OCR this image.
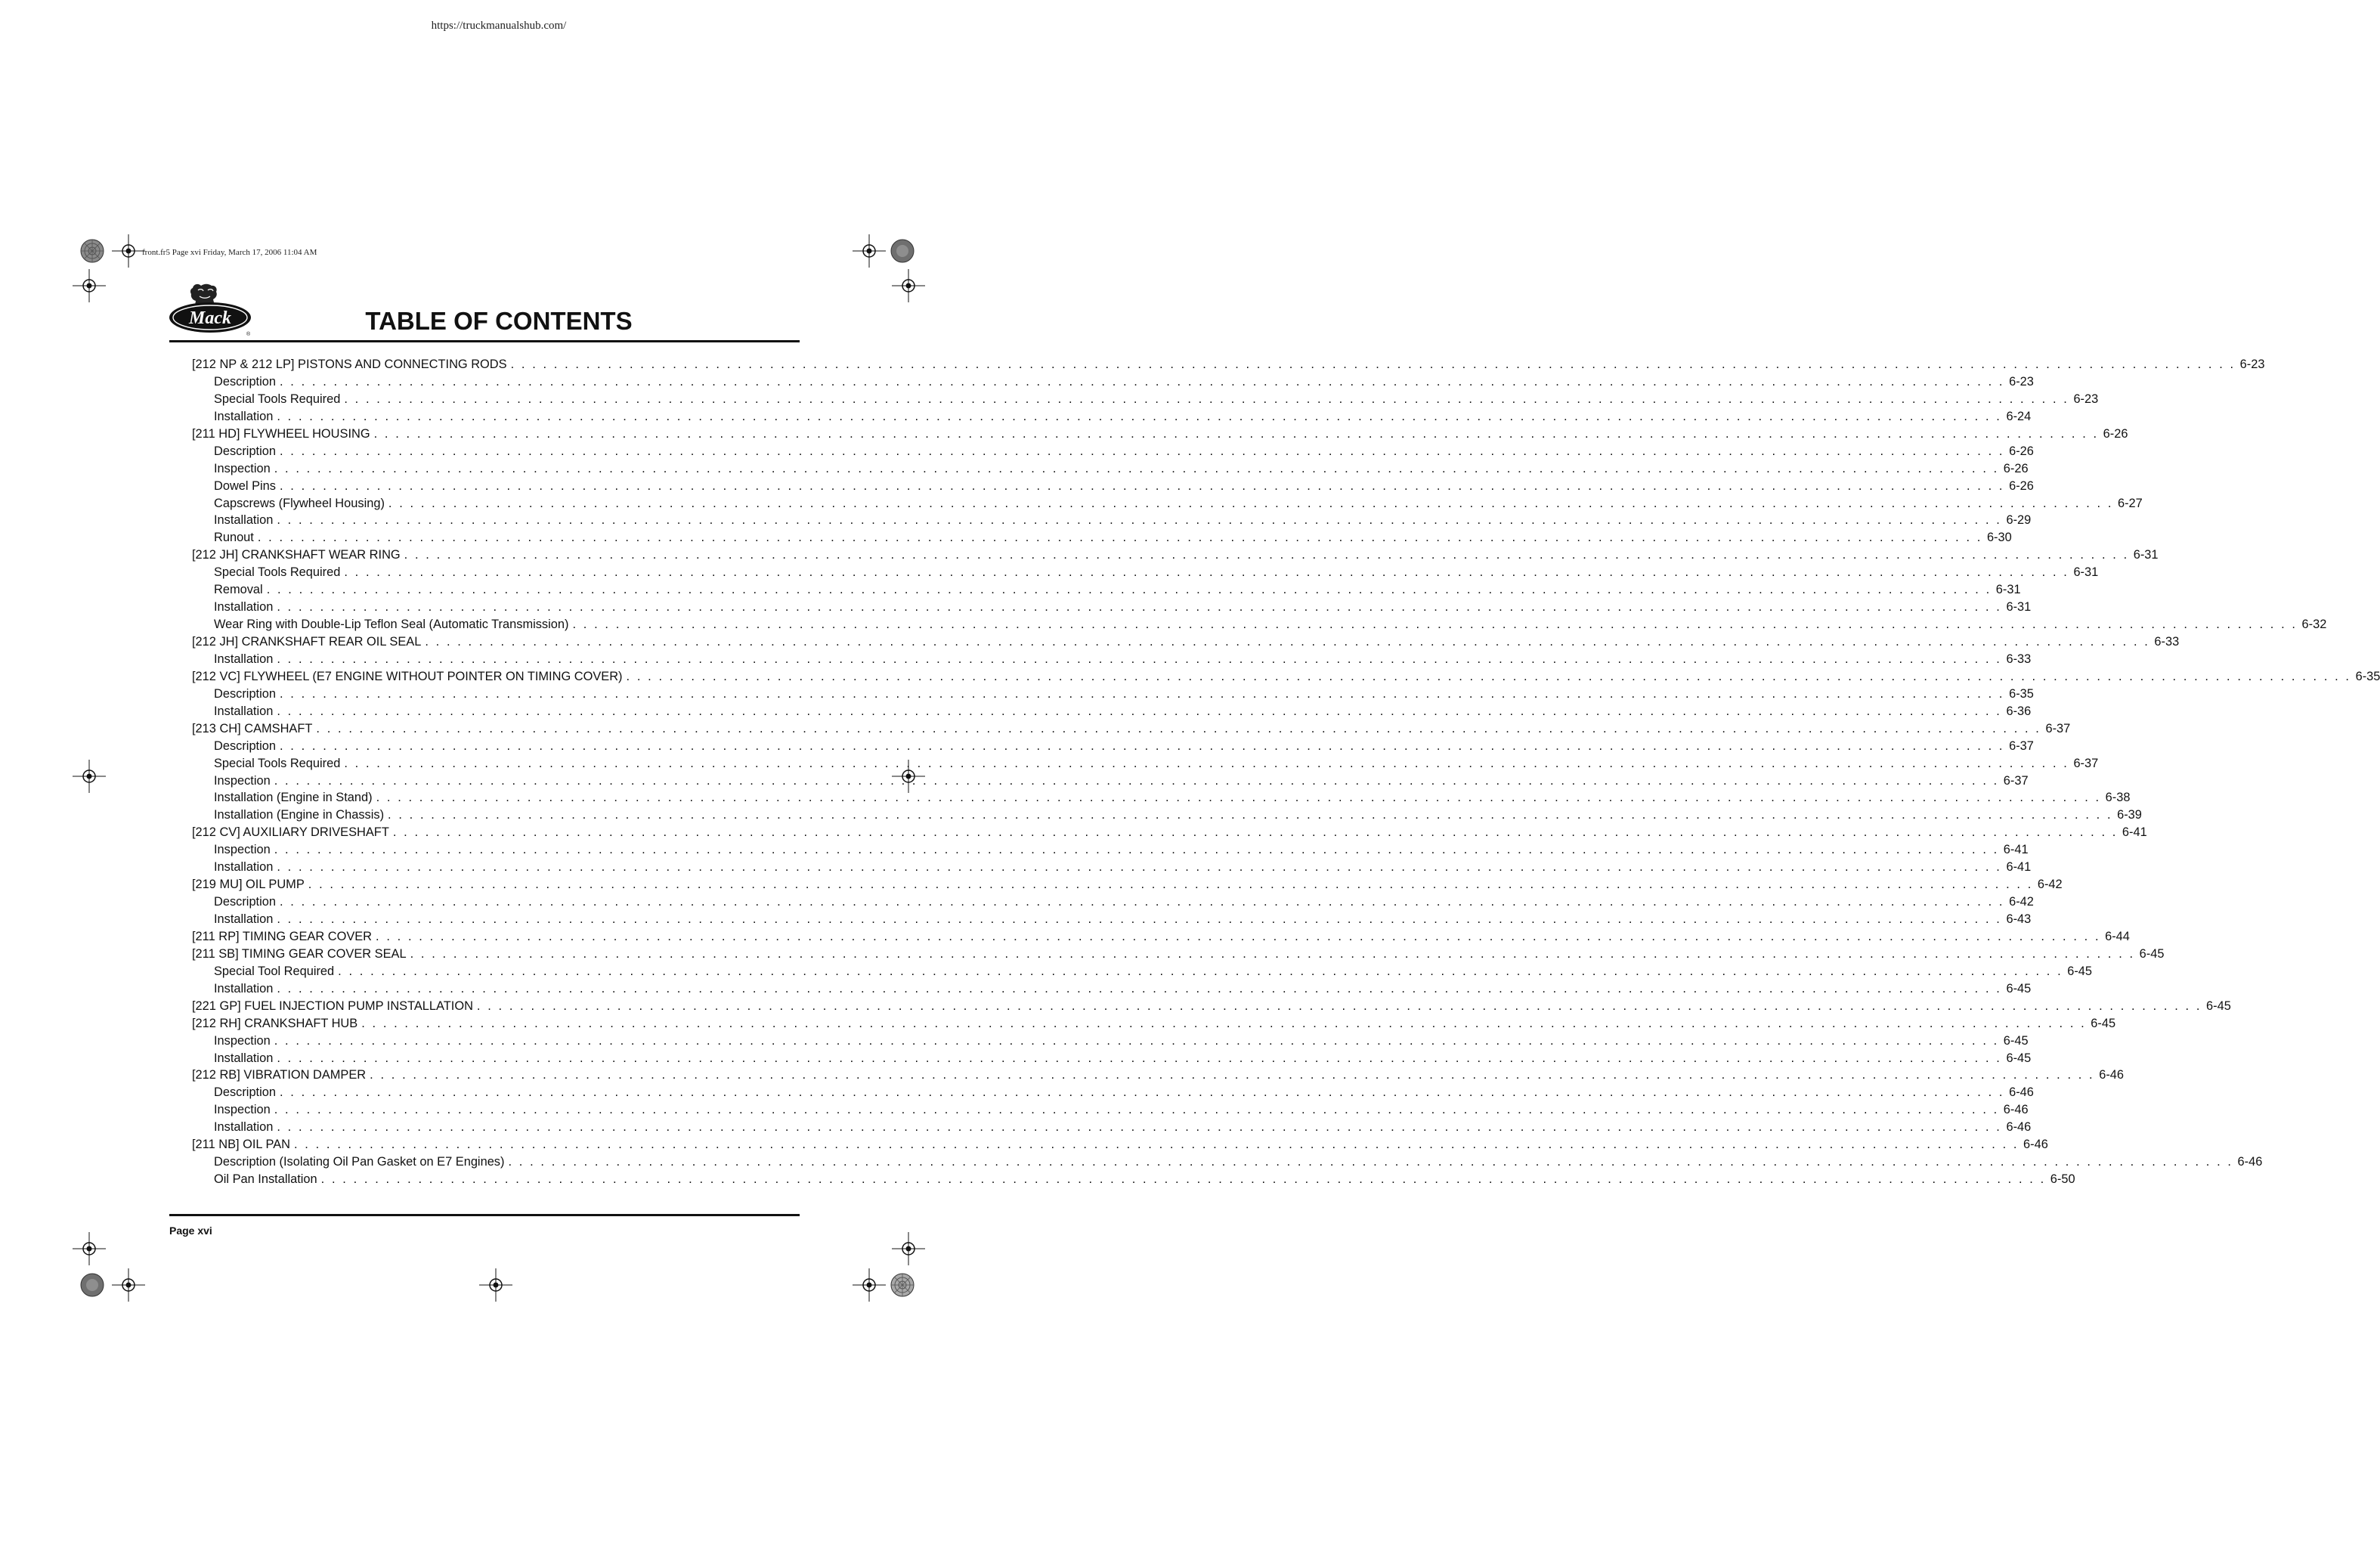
https://truckmanualshub.com/
front.fr5 Page xvi Friday, March 17, 2006 11:04 AM
Mack
®	TABLE OF CONTENTS
[212 NP & 212 LP] PISTONS AND CONNECTING RODS . . . . . . . . . . . . . . . . . . . . . . . . . . . . . . . . . . . . . . . . . . . . . . . . . . . . . . . . . . . . . . . . . . . . . . . . . . . . . . . . . . . . . . . . . . . . . . . . . . . . . . . . . . . . . . . . . . . . . . . . . . . . . . . . . . . . . . . . . . . . . . . . . . . . . . . . . . . . . . . . 6-23
Description . . . . . . . . . . . . . . . . . . . . . . . . . . . . . . . . . . . . . . . . . . . . . . . . . . . . . . . . . . . . . . . . . . . . . . . . . . . . . . . . . . . . . . . . . . . . . . . . . . . . . . . . . . . . . . . . . . . . . . . . . . . . . . . . . . . . . . . . . . . . . . . . . . . . . . . . . . . . . . . . 6-23
Special Tools Required . . . . . . . . . . . . . . . . . . . . . . . . . . . . . . . . . . . . . . . . . . . . . . . . . . . . . . . . . . . . . . . . . . . . . . . . . . . . . . . . . . . . . . . . . . . . . . . . . . . . . . . . . . . . . . . . . . . . . . . . . . . . . . . . . . . . . . . . . . . . . . . . . . . . . . . . . . . . . . . . 6-23
Installation . . . . . . . . . . . . . . . . . . . . . . . . . . . . . . . . . . . . . . . . . . . . . . . . . . . . . . . . . . . . . . . . . . . . . . . . . . . . . . . . . . . . . . . . . . . . . . . . . . . . . . . . . . . . . . . . . . . . . . . . . . . . . . . . . . . . . . . . . . . . . . . . . . . . . . . . . . . . . . . . 6-24
[211 HD] FLYWHEEL HOUSING . . . . . . . . . . . . . . . . . . . . . . . . . . . . . . . . . . . . . . . . . . . . . . . . . . . . . . . . . . . . . . . . . . . . . . . . . . . . . . . . . . . . . . . . . . . . . . . . . . . . . . . . . . . . . . . . . . . . . . . . . . . . . . . . . . . . . . . . . . . . . . . . . . . . . . . . . . . . . . . . 6-26
Description . . . . . . . . . . . . . . . . . . . . . . . . . . . . . . . . . . . . . . . . . . . . . . . . . . . . . . . . . . . . . . . . . . . . . . . . . . . . . . . . . . . . . . . . . . . . . . . . . . . . . . . . . . . . . . . . . . . . . . . . . . . . . . . . . . . . . . . . . . . . . . . . . . . . . . . . . . . . . . . . 6-26
Inspection . . . . . . . . . . . . . . . . . . . . . . . . . . . . . . . . . . . . . . . . . . . . . . . . . . . . . . . . . . . . . . . . . . . . . . . . . . . . . . . . . . . . . . . . . . . . . . . . . . . . . . . . . . . . . . . . . . . . . . . . . . . . . . . . . . . . . . . . . . . . . . . . . . . . . . . . . . . . . . . . 6-26
Dowel Pins . . . . . . . . . . . . . . . . . . . . . . . . . . . . . . . . . . . . . . . . . . . . . . . . . . . . . . . . . . . . . . . . . . . . . . . . . . . . . . . . . . . . . . . . . . . . . . . . . . . . . . . . . . . . . . . . . . . . . . . . . . . . . . . . . . . . . . . . . . . . . . . . . . . . . . . . . . . . . . . . 6-26
Capscrews (Flywheel Housing) . . . . . . . . . . . . . . . . . . . . . . . . . . . . . . . . . . . . . . . . . . . . . . . . . . . . . . . . . . . . . . . . . . . . . . . . . . . . . . . . . . . . . . . . . . . . . . . . . . . . . . . . . . . . . . . . . . . . . . . . . . . . . . . . . . . . . . . . . . . . . . . . . . . . . . . . . . . . . . . . 6-27
Installation . . . . . . . . . . . . . . . . . . . . . . . . . . . . . . . . . . . . . . . . . . . . . . . . . . . . . . . . . . . . . . . . . . . . . . . . . . . . . . . . . . . . . . . . . . . . . . . . . . . . . . . . . . . . . . . . . . . . . . . . . . . . . . . . . . . . . . . . . . . . . . . . . . . . . . . . . . . . . . . . 6-29
Runout . . . . . . . . . . . . . . . . . . . . . . . . . . . . . . . . . . . . . . . . . . . . . . . . . . . . . . . . . . . . . . . . . . . . . . . . . . . . . . . . . . . . . . . . . . . . . . . . . . . . . . . . . . . . . . . . . . . . . . . . . . . . . . . . . . . . . . . . . . . . . . . . . . . . . . . . . . . . . . . . 6-30
[212 JH] CRANKSHAFT WEAR RING . . . . . . . . . . . . . . . . . . . . . . . . . . . . . . . . . . . . . . . . . . . . . . . . . . . . . . . . . . . . . . . . . . . . . . . . . . . . . . . . . . . . . . . . . . . . . . . . . . . . . . . . . . . . . . . . . . . . . . . . . . . . . . . . . . . . . . . . . . . . . . . . . . . . . . . . . . . . . . . . 6-31
Special Tools Required . . . . . . . . . . . . . . . . . . . . . . . . . . . . . . . . . . . . . . . . . . . . . . . . . . . . . . . . . . . . . . . . . . . . . . . . . . . . . . . . . . . . . . . . . . . . . . . . . . . . . . . . . . . . . . . . . . . . . . . . . . . . . . . . . . . . . . . . . . . . . . . . . . . . . . . . . . . . . . . . 6-31
Removal . . . . . . . . . . . . . . . . . . . . . . . . . . . . . . . . . . . . . . . . . . . . . . . . . . . . . . . . . . . . . . . . . . . . . . . . . . . . . . . . . . . . . . . . . . . . . . . . . . . . . . . . . . . . . . . . . . . . . . . . . . . . . . . . . . . . . . . . . . . . . . . . . . . . . . . . . . . . . . . . 6-31
Installation . . . . . . . . . . . . . . . . . . . . . . . . . . . . . . . . . . . . . . . . . . . . . . . . . . . . . . . . . . . . . . . . . . . . . . . . . . . . . . . . . . . . . . . . . . . . . . . . . . . . . . . . . . . . . . . . . . . . . . . . . . . . . . . . . . . . . . . . . . . . . . . . . . . . . . . . . . . . . . . . 6-31
Wear Ring with Double-Lip Teflon Seal (Automatic Transmission) . . . . . . . . . . . . . . . . . . . . . . . . . . . . . . . . . . . . . . . . . . . . . . . . . . . . . . . . . . . . . . . . . . . . . . . . . . . . . . . . . . . . . . . . . . . . . . . . . . . . . . . . . . . . . . . . . . . . . . . . . . . . . . . . . . . . . . . . . . . . . . . . . . . . . . . . . . . . . . . . 6-32
[212 JH] CRANKSHAFT REAR OIL SEAL . . . . . . . . . . . . . . . . . . . . . . . . . . . . . . . . . . . . . . . . . . . . . . . . . . . . . . . . . . . . . . . . . . . . . . . . . . . . . . . . . . . . . . . . . . . . . . . . . . . . . . . . . . . . . . . . . . . . . . . . . . . . . . . . . . . . . . . . . . . . . . . . . . . . . . . . . . . . . . . . 6-33
Installation . . . . . . . . . . . . . . . . . . . . . . . . . . . . . . . . . . . . . . . . . . . . . . . . . . . . . . . . . . . . . . . . . . . . . . . . . . . . . . . . . . . . . . . . . . . . . . . . . . . . . . . . . . . . . . . . . . . . . . . . . . . . . . . . . . . . . . . . . . . . . . . . . . . . . . . . . . . . . . . . 6-33
[212 VC] FLYWHEEL (E7 ENGINE WITHOUT POINTER ON TIMING COVER) . . . . . . . . . . . . . . . . . . . . . . . . . . . . . . . . . . . . . . . . . . . . . . . . . . . . . . . . . . . . . . . . . . . . . . . . . . . . . . . . . . . . . . . . . . . . . . . . . . . . . . . . . . . . . . . . . . . . . . . . . . . . . . . . . . . . . . . . . . . . . . . . . . . . . . . . . . . . . . . . 6-35
Description . . . . . . . . . . . . . . . . . . . . . . . . . . . . . . . . . . . . . . . . . . . . . . . . . . . . . . . . . . . . . . . . . . . . . . . . . . . . . . . . . . . . . . . . . . . . . . . . . . . . . . . . . . . . . . . . . . . . . . . . . . . . . . . . . . . . . . . . . . . . . . . . . . . . . . . . . . . . . . . . 6-35
Installation . . . . . . . . . . . . . . . . . . . . . . . . . . . . . . . . . . . . . . . . . . . . . . . . . . . . . . . . . . . . . . . . . . . . . . . . . . . . . . . . . . . . . . . . . . . . . . . . . . . . . . . . . . . . . . . . . . . . . . . . . . . . . . . . . . . . . . . . . . . . . . . . . . . . . . . . . . . . . . . . 6-36
[213 CH] CAMSHAFT . . . . . . . . . . . . . . . . . . . . . . . . . . . . . . . . . . . . . . . . . . . . . . . . . . . . . . . . . . . . . . . . . . . . . . . . . . . . . . . . . . . . . . . . . . . . . . . . . . . . . . . . . . . . . . . . . . . . . . . . . . . . . . . . . . . . . . . . . . . . . . . . . . . . . . . . . . . . . . . . 6-37
Description . . . . . . . . . . . . . . . . . . . . . . . . . . . . . . . . . . . . . . . . . . . . . . . . . . . . . . . . . . . . . . . . . . . . . . . . . . . . . . . . . . . . . . . . . . . . . . . . . . . . . . . . . . . . . . . . . . . . . . . . . . . . . . . . . . . . . . . . . . . . . . . . . . . . . . . . . . . . . . . . 6-37
Special Tools Required . . . . . . . . . . . . . . . . . . . . . . . . . . . . . . . . . . . . . . . . . . . . . . . . . . . . . . . . . . . . . . . . . . . . . . . . . . . . . . . . . . . . . . . . . . . . . . . . . . . . . . . . . . . . . . . . . . . . . . . . . . . . . . . . . . . . . . . . . . . . . . . . . . . . . . . . . . . . . . . . 6-37
Inspection . . . . . . . . . . . . . . . . . . . . . . . . . . . . . . . . . . . . . . . . . . . . . . . . . . . . . . . . . . . . . . . . . . . . . . . . . . . . . . . . . . . . . . . . . . . . . . . . . . . . . . . . . . . . . . . . . . . . . . . . . . . . . . . . . . . . . . . . . . . . . . . . . . . . . . . . . . . . . . . . 6-37
Installation (Engine in Stand) . . . . . . . . . . . . . . . . . . . . . . . . . . . . . . . . . . . . . . . . . . . . . . . . . . . . . . . . . . . . . . . . . . . . . . . . . . . . . . . . . . . . . . . . . . . . . . . . . . . . . . . . . . . . . . . . . . . . . . . . . . . . . . . . . . . . . . . . . . . . . . . . . . . . . . . . . . . . . . . . 6-38
Installation (Engine in Chassis) . . . . . . . . . . . . . . . . . . . . . . . . . . . . . . . . . . . . . . . . . . . . . . . . . . . . . . . . . . . . . . . . . . . . . . . . . . . . . . . . . . . . . . . . . . . . . . . . . . . . . . . . . . . . . . . . . . . . . . . . . . . . . . . . . . . . . . . . . . . . . . . . . . . . . . . . . . . . . . . . 6-39
[212 CV] AUXILIARY DRIVESHAFT . . . . . . . . . . . . . . . . . . . . . . . . . . . . . . . . . . . . . . . . . . . . . . . . . . . . . . . . . . . . . . . . . . . . . . . . . . . . . . . . . . . . . . . . . . . . . . . . . . . . . . . . . . . . . . . . . . . . . . . . . . . . . . . . . . . . . . . . . . . . . . . . . . . . . . . . . . . . . . . . 6-41
Inspection . . . . . . . . . . . . . . . . . . . . . . . . . . . . . . . . . . . . . . . . . . . . . . . . . . . . . . . . . . . . . . . . . . . . . . . . . . . . . . . . . . . . . . . . . . . . . . . . . . . . . . . . . . . . . . . . . . . . . . . . . . . . . . . . . . . . . . . . . . . . . . . . . . . . . . . . . . . . . . . . 6-41
Installation . . . . . . . . . . . . . . . . . . . . . . . . . . . . . . . . . . . . . . . . . . . . . . . . . . . . . . . . . . . . . . . . . . . . . . . . . . . . . . . . . . . . . . . . . . . . . . . . . . . . . . . . . . . . . . . . . . . . . . . . . . . . . . . . . . . . . . . . . . . . . . . . . . . . . . . . . . . . . . . . 6-41
[219 MU] OIL PUMP . . . . . . . . . . . . . . . . . . . . . . . . . . . . . . . . . . . . . . . . . . . . . . . . . . . . . . . . . . . . . . . . . . . . . . . . . . . . . . . . . . . . . . . . . . . . . . . . . . . . . . . . . . . . . . . . . . . . . . . . . . . . . . . . . . . . . . . . . . . . . . . . . . . . . . . . . . . . . . . . 6-42
Description . . . . . . . . . . . . . . . . . . . . . . . . . . . . . . . . . . . . . . . . . . . . . . . . . . . . . . . . . . . . . . . . . . . . . . . . . . . . . . . . . . . . . . . . . . . . . . . . . . . . . . . . . . . . . . . . . . . . . . . . . . . . . . . . . . . . . . . . . . . . . . . . . . . . . . . . . . . . . . . . 6-42
Installation . . . . . . . . . . . . . . . . . . . . . . . . . . . . . . . . . . . . . . . . . . . . . . . . . . . . . . . . . . . . . . . . . . . . . . . . . . . . . . . . . . . . . . . . . . . . . . . . . . . . . . . . . . . . . . . . . . . . . . . . . . . . . . . . . . . . . . . . . . . . . . . . . . . . . . . . . . . . . . . . 6-43
[211 RP] TIMING GEAR COVER . . . . . . . . . . . . . . . . . . . . . . . . . . . . . . . . . . . . . . . . . . . . . . . . . . . . . . . . . . . . . . . . . . . . . . . . . . . . . . . . . . . . . . . . . . . . . . . . . . . . . . . . . . . . . . . . . . . . . . . . . . . . . . . . . . . . . . . . . . . . . . . . . . . . . . . . . . . . . . . . 6-44
[211 SB] TIMING GEAR COVER SEAL . . . . . . . . . . . . . . . . . . . . . . . . . . . . . . . . . . . . . . . . . . . . . . . . . . . . . . . . . . . . . . . . . . . . . . . . . . . . . . . . . . . . . . . . . . . . . . . . . . . . . . . . . . . . . . . . . . . . . . . . . . . . . . . . . . . . . . . . . . . . . . . . . . . . . . . . . . . . . . . . 6-45
Special Tool Required . . . . . . . . . . . . . . . . . . . . . . . . . . . . . . . . . . . . . . . . . . . . . . . . . . . . . . . . . . . . . . . . . . . . . . . . . . . . . . . . . . . . . . . . . . . . . . . . . . . . . . . . . . . . . . . . . . . . . . . . . . . . . . . . . . . . . . . . . . . . . . . . . . . . . . . . . . . . . . . . 6-45
Installation . . . . . . . . . . . . . . . . . . . . . . . . . . . . . . . . . . . . . . . . . . . . . . . . . . . . . . . . . . . . . . . . . . . . . . . . . . . . . . . . . . . . . . . . . . . . . . . . . . . . . . . . . . . . . . . . . . . . . . . . . . . . . . . . . . . . . . . . . . . . . . . . . . . . . . . . . . . . . . . . 6-45
[221 GP] FUEL INJECTION PUMP INSTALLATION . . . . . . . . . . . . . . . . . . . . . . . . . . . . . . . . . . . . . . . . . . . . . . . . . . . . . . . . . . . . . . . . . . . . . . . . . . . . . . . . . . . . . . . . . . . . . . . . . . . . . . . . . . . . . . . . . . . . . . . . . . . . . . . . . . . . . . . . . . . . . . . . . . . . . . . . . . . . . . . . 6-45
[212 RH] CRANKSHAFT HUB . . . . . . . . . . . . . . . . . . . . . . . . . . . . . . . . . . . . . . . . . . . . . . . . . . . . . . . . . . . . . . . . . . . . . . . . . . . . . . . . . . . . . . . . . . . . . . . . . . . . . . . . . . . . . . . . . . . . . . . . . . . . . . . . . . . . . . . . . . . . . . . . . . . . . . . . . . . . . . . . 6-45
Inspection . . . . . . . . . . . . . . . . . . . . . . . . . . . . . . . . . . . . . . . . . . . . . . . . . . . . . . . . . . . . . . . . . . . . . . . . . . . . . . . . . . . . . . . . . . . . . . . . . . . . . . . . . . . . . . . . . . . . . . . . . . . . . . . . . . . . . . . . . . . . . . . . . . . . . . . . . . . . . . . . 6-45
Installation . . . . . . . . . . . . . . . . . . . . . . . . . . . . . . . . . . . . . . . . . . . . . . . . . . . . . . . . . . . . . . . . . . . . . . . . . . . . . . . . . . . . . . . . . . . . . . . . . . . . . . . . . . . . . . . . . . . . . . . . . . . . . . . . . . . . . . . . . . . . . . . . . . . . . . . . . . . . . . . . 6-45
[212 RB] VIBRATION DAMPER . . . . . . . . . . . . . . . . . . . . . . . . . . . . . . . . . . . . . . . . . . . . . . . . . . . . . . . . . . . . . . . . . . . . . . . . . . . . . . . . . . . . . . . . . . . . . . . . . . . . . . . . . . . . . . . . . . . . . . . . . . . . . . . . . . . . . . . . . . . . . . . . . . . . . . . . . . . . . . . . 6-46
Description . . . . . . . . . . . . . . . . . . . . . . . . . . . . . . . . . . . . . . . . . . . . . . . . . . . . . . . . . . . . . . . . . . . . . . . . . . . . . . . . . . . . . . . . . . . . . . . . . . . . . . . . . . . . . . . . . . . . . . . . . . . . . . . . . . . . . . . . . . . . . . . . . . . . . . . . . . . . . . . . 6-46
Inspection . . . . . . . . . . . . . . . . . . . . . . . . . . . . . . . . . . . . . . . . . . . . . . . . . . . . . . . . . . . . . . . . . . . . . . . . . . . . . . . . . . . . . . . . . . . . . . . . . . . . . . . . . . . . . . . . . . . . . . . . . . . . . . . . . . . . . . . . . . . . . . . . . . . . . . . . . . . . . . . . 6-46
Installation . . . . . . . . . . . . . . . . . . . . . . . . . . . . . . . . . . . . . . . . . . . . . . . . . . . . . . . . . . . . . . . . . . . . . . . . . . . . . . . . . . . . . . . . . . . . . . . . . . . . . . . . . . . . . . . . . . . . . . . . . . . . . . . . . . . . . . . . . . . . . . . . . . . . . . . . . . . . . . . . 6-46
[211 NB] OIL PAN . . . . . . . . . . . . . . . . . . . . . . . . . . . . . . . . . . . . . . . . . . . . . . . . . . . . . . . . . . . . . . . . . . . . . . . . . . . . . . . . . . . . . . . . . . . . . . . . . . . . . . . . . . . . . . . . . . . . . . . . . . . . . . . . . . . . . . . . . . . . . . . . . . . . . . . . . . . . . . . . 6-46
Description (Isolating Oil Pan Gasket on E7 Engines) . . . . . . . . . . . . . . . . . . . . . . . . . . . . . . . . . . . . . . . . . . . . . . . . . . . . . . . . . . . . . . . . . . . . . . . . . . . . . . . . . . . . . . . . . . . . . . . . . . . . . . . . . . . . . . . . . . . . . . . . . . . . . . . . . . . . . . . . . . . . . . . . . . . . . . . . . . . . . . . . 6-46
Oil Pan Installation . . . . . . . . . . . . . . . . . . . . . . . . . . . . . . . . . . . . . . . . . . . . . . . . . . . . . . . . . . . . . . . . . . . . . . . . . . . . . . . . . . . . . . . . . . . . . . . . . . . . . . . . . . . . . . . . . . . . . . . . . . . . . . . . . . . . . . . . . . . . . . . . . . . . . . . . . . . . . . . . 6-50
Page xvi
